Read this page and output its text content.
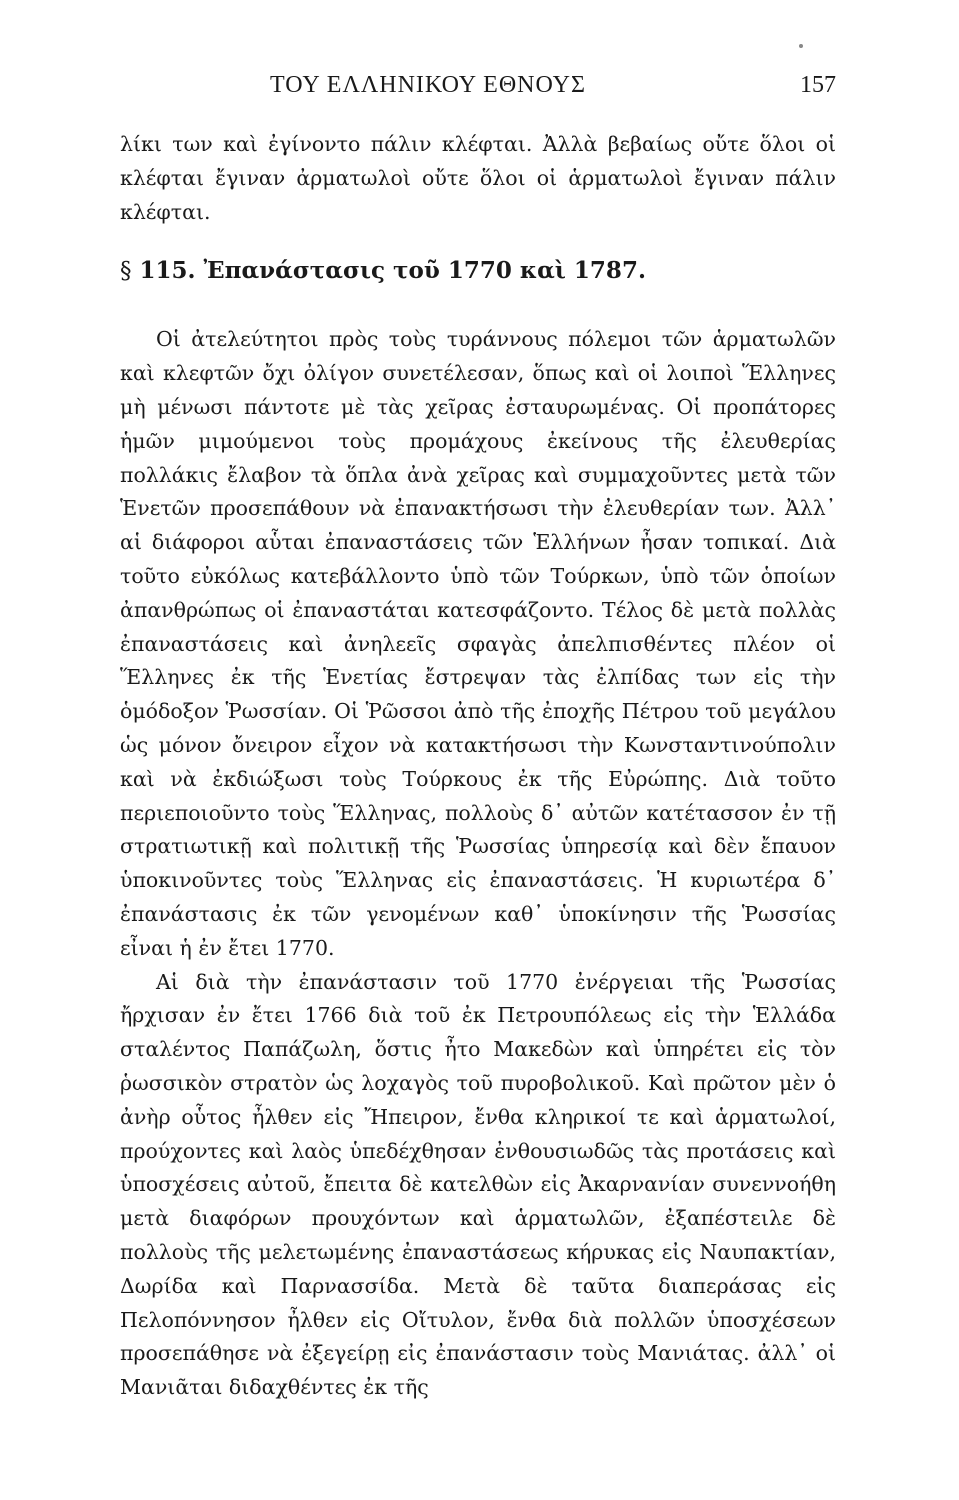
ΤΟΥ ΕΛΛΗΝΙΚΟΥ ΕΘΝΟΥΣ	157

λίκι των καὶ ἐγίνοντο πάλιν κλέφται. Ἀλλὰ βεβαίως οὔτε ὅλοι οἱ κλέφται ἔγιναν ἀρματωλοὶ οὔτε ὅλοι οἱ ἁρματωλοὶ ἔγιναν πάλιν κλέφται.

§ 115. Ἐπανάστασις τοῦ 1770 καὶ 1787.

Οἱ ἀτελεύτητοι πρὸς τοὺς τυράννους πόλεμοι τῶν ἁρματωλῶν καὶ κλεφτῶν ὄχι ὀλίγον συνετέλεσαν, ὅπως καὶ οἱ λοιποὶ Ἕλληνες μὴ μένωσι πάντοτε μὲ τὰς χεῖρας ἐσταυρωμένας. Οἱ προπάτορες ἡμῶν μιμούμενοι τοὺς προμάχους ἐκείνους τῆς ἐλευθερίας πολλάκις ἔλαβον τὰ ὅπλα ἀνὰ χεῖρας καὶ συμμαχοῦντες μετὰ τῶν Ἑνετῶν προσεπάθουν νὰ ἐπανακτήσωσι τὴν ἐλευθερίαν των. Ἀλλ᾽ αἱ διάφοροι αὗται ἐπαναστάσεις τῶν Ἑλλήνων ἦσαν τοπικαί. Διὰ τοῦτο εὐκόλως κατεβάλλοντο ὑπὸ τῶν Τούρκων, ὑπὸ τῶν ὁποίων ἀπανθρώπως οἱ ἐπαναστάται κατεσφάζοντο. Τέλος δὲ μετὰ πολλὰς ἐπαναστάσεις καὶ ἀνηλεεῖς σφαγὰς ἀπελπισθέντες πλέον οἱ Ἕλληνες ἐκ τῆς Ἑνετίας ἔστρεψαν τὰς ἐλπίδας των εἰς τὴν ὁμόδοξον Ῥωσσίαν. Οἱ Ῥῶσσοι ἀπὸ τῆς ἐποχῆς Πέτρου τοῦ μεγάλου ὡς μόνον ὄνειρον εἶχον νὰ κατακτήσωσι τὴν Κωνσταντινούπολιν καὶ νὰ ἐκδιώξωσι τοὺς Τούρκους ἐκ τῆς Εὐρώπης. Διὰ τοῦτο περιεποιοῦντο τοὺς Ἕλληνας, πολλοὺς δ᾽ αὐτῶν κατέτασσον ἐν τῇ στρατιωτικῇ καὶ πολιτικῇ τῆς Ῥωσσίας ὑπηρεσίᾳ καὶ δὲν ἔπαυον ὑποκινοῦντες τοὺς Ἕλληνας εἰς ἐπαναστάσεις. Ἡ κυριωτέρα δ᾽ ἐπανάστασις ἐκ τῶν γενομένων καθ᾽ ὑποκίνησιν τῆς Ῥωσσίας εἶναι ἡ ἐν ἔτει 1770.

Αἱ διὰ τὴν ἐπανάστασιν τοῦ 1770 ἐνέργειαι τῆς Ῥωσσίας ἤρχισαν ἐν ἔτει 1766 διὰ τοῦ ἐκ Πετρουπόλεως εἰς τὴν Ἑλλάδα σταλέντος Παπάζωλη, ὅστις ἦτο Μακεδὼν καὶ ὑπηρέτει εἰς τὸν ῥωσσικὸν στρατὸν ὡς λοχαγὸς τοῦ πυροβολικοῦ. Καὶ πρῶτον μὲν ὁ ἀνὴρ οὗτος ἦλθεν εἰς Ἤπειρον, ἔνθα κληρικοί τε καὶ ἁρματωλοί, προύχοντες καὶ λαὸς ὑπεδέχθησαν ἐνθουσιωδῶς τὰς προτάσεις καὶ ὑποσχέσεις αὐτοῦ, ἔπειτα δὲ κατελθὼν εἰς Ἀκαρνανίαν συνεννοήθη μετὰ διαφόρων προυχόντων καὶ ἁρματωλῶν, ἐξαπέστειλε δὲ πολλοὺς τῆς μελετωμένης ἐπαναστάσεως κήρυκας εἰς Ναυπακτίαν, Δωρίδα καὶ Παρνασσίδα. Μετὰ δὲ ταῦτα διαπεράσας εἰς Πελοπόννησον ἦλθεν εἰς Οἴτυλον, ἔνθα διὰ πολλῶν ὑποσχέσεων προσεπάθησε νὰ ἐξεγείρῃ εἰς ἐπανάστασιν τοὺς Μανιάτας. ἀλλ᾽ οἱ Μανιᾶται διδαχθέντες ἐκ τῆς
